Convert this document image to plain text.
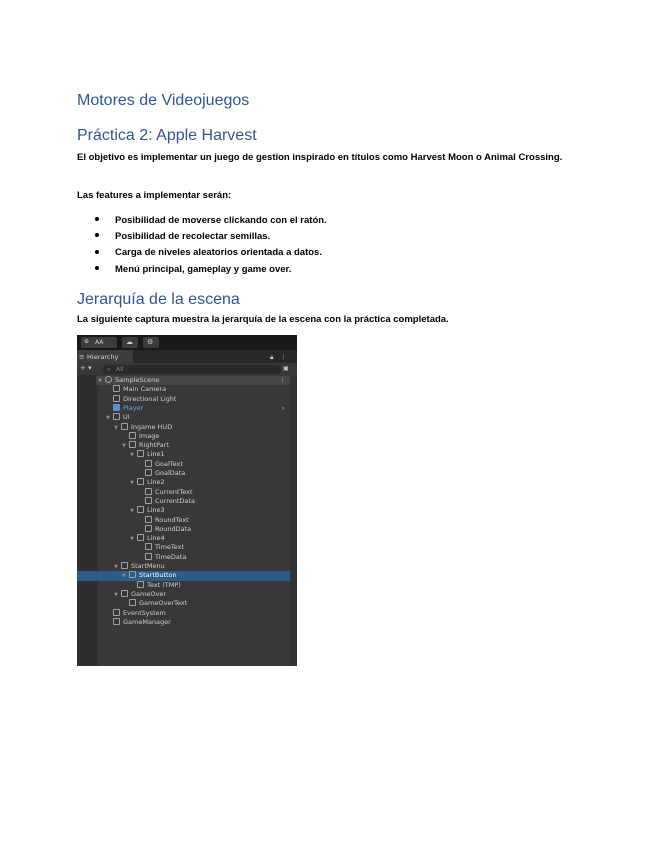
Motores de Videojuegos
Práctica 2: Apple Harvest

El objetivo es implementar un juego de gestion inspirado en títulos como Harvest Moon o Animal Crossing.

Las features a implementar serán:

Posibilidad de moverse clickando con el ratón.
Posibilidad de recolectar semillas.
Carga de niveles aleatorios orientada a datos.
Menú principal, gameplay y game over.
Jerarquía de la escena

La siguiente captura muestra la jerarquía de la escena con la práctica completada.

⊕ AA	☁ ⚙
≡ Hierarchy	🔒︎ ⋮
+ ▾	⌕ All	▣
▼ SampleScene	⋮
Main Camera
Directional Light
Player	›
▼ UI
▼ Ingame HUD
Image
▼ RightPart
▼ Line1
GoalText
GoalData
▼ Line2
CurrentText
CurrentData
▼ Line3
RoundText
RoundData
▼ Line4
TimeText
TimeData
▼ StartMenu
▼ StartButton
Text (TMP)
▼ GameOver
GameOverText
EventSystem
GameManager
